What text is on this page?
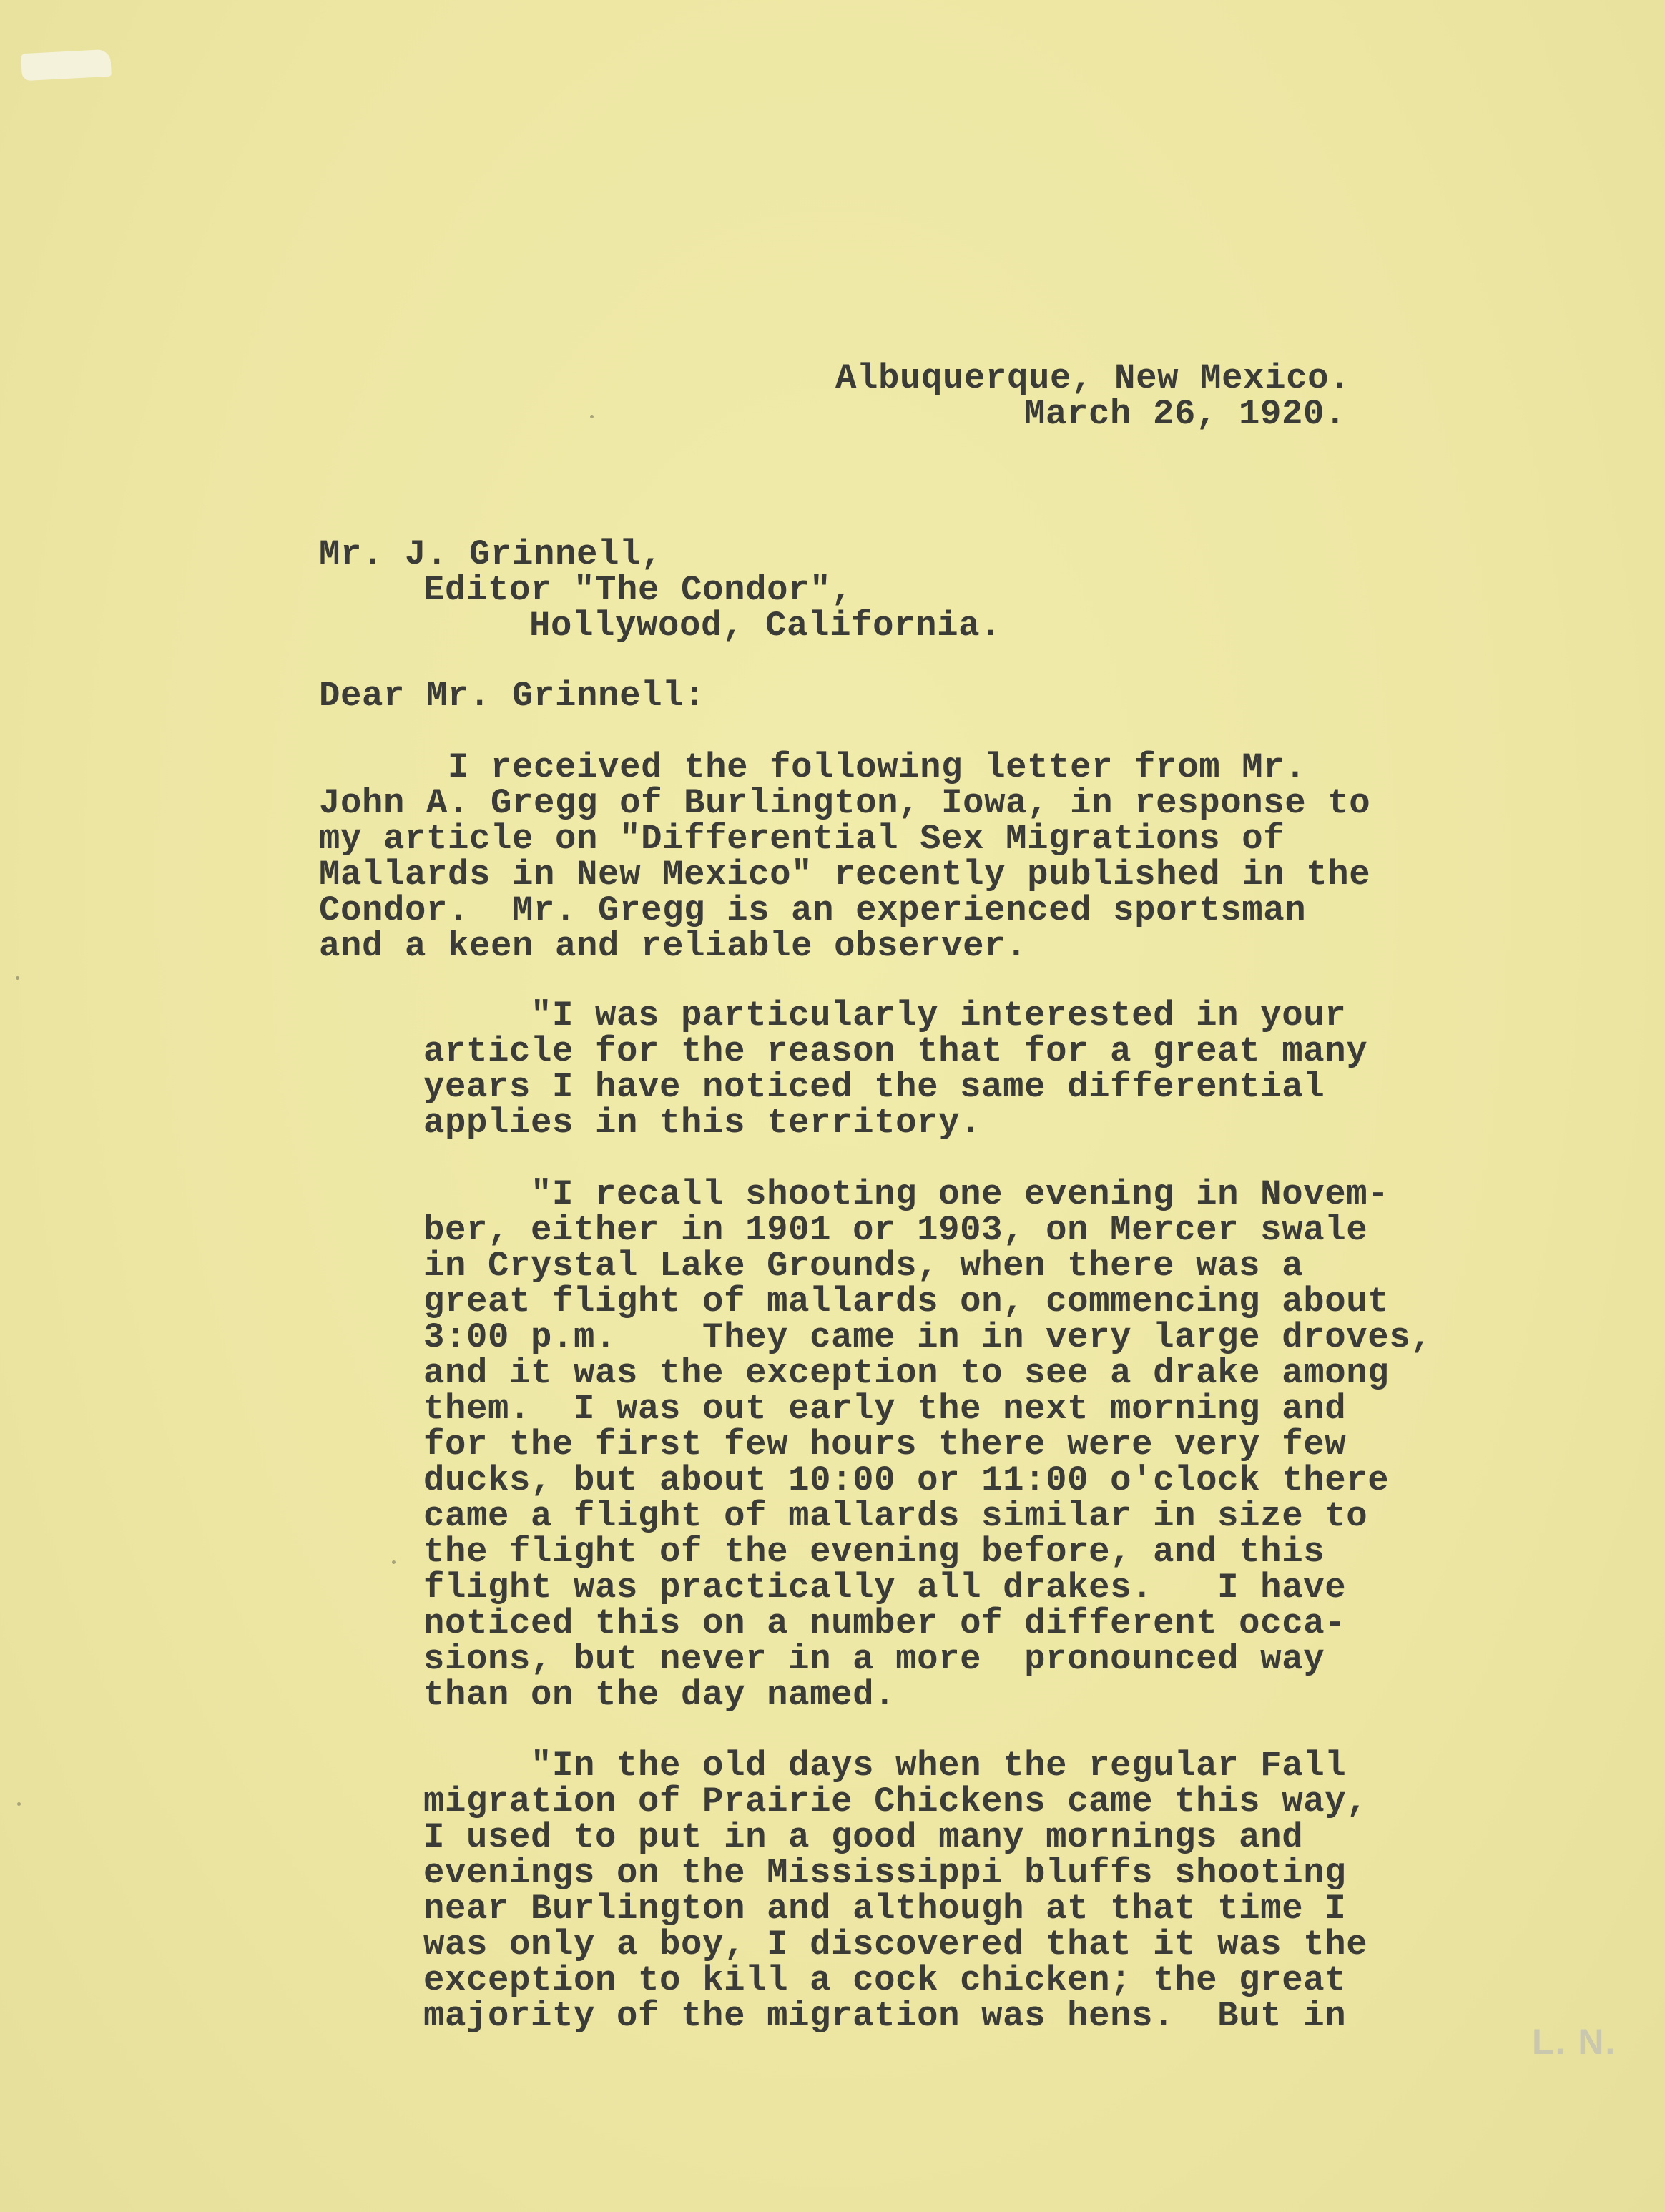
Albuquerque, New Mexico.
March 26, 1920.
Mr. J. Grinnell,
Editor "The Condor",
Hollywood, California.
Dear Mr. Grinnell:
I received the following letter from Mr.
John A. Gregg of Burlington, Iowa, in response to
my article on "Differential Sex Migrations of
Mallards in New Mexico" recently published in the
Condor.  Mr. Gregg is an experienced sportsman
and a keen and reliable observer.
"I was particularly interested in your
article for the reason that for a great many
years I have noticed the same differential
applies in this territory.
"I recall shooting one evening in Novem-
ber, either in 1901 or 1903, on Mercer swale
in Crystal Lake Grounds, when there was a
great flight of mallards on, commencing about
3:00 p.m.    They came in in very large droves,
and it was the exception to see a drake among
them.  I was out early the next morning and
for the first few hours there were very few
ducks, but about 10:00 or 11:00 o'clock there
came a flight of mallards similar in size to
the flight of the evening before, and this
flight was practically all drakes.   I have
noticed this on a number of different occa-
sions, but never in a more  pronounced way
than on the day named.
"In the old days when the regular Fall
migration of Prairie Chickens came this way,
I used to put in a good many mornings and
evenings on the Mississippi bluffs shooting
near Burlington and although at that time I
was only a boy, I discovered that it was the
exception to kill a cock chicken; the great
majority of the migration was hens.  But in
L. N.
